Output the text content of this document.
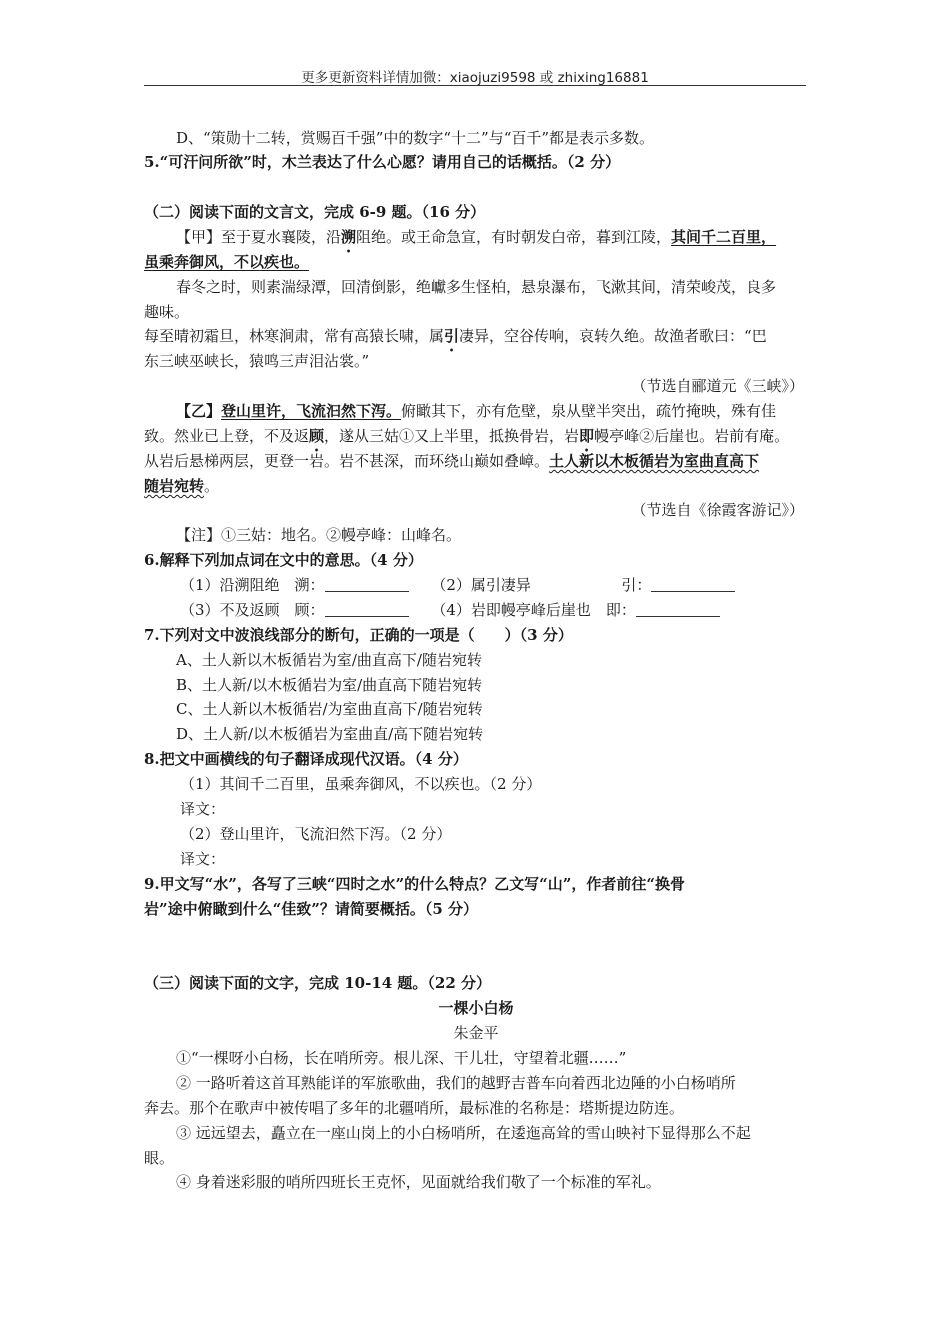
更多更新资料详情加微：xiaojuzi9598 或 zhixing16881
D、“策勋十二转，赏赐百千强”中的数字“十二”与“百千”都是表示多数。
5.“可汗问所欲”时，木兰表达了什么心愿？请用自己的话概括。（2 分）
（二）阅读下面的文言文，完成 6-9 题。（16 分）
【甲】至于夏水襄陵，沿溯阻绝。或王命急宣，有时朝发白帝，暮到江陵，其间千二百里，
虽乘奔御风，不以疾也。
春冬之时，则素湍绿潭，回清倒影，绝巘多生怪柏，悬泉瀑布，飞漱其间，清荣峻茂，良多
趣味。
每至晴初霜旦，林寒涧肃，常有高猿长啸，属引凄异，空谷传响，哀转久绝。故渔者歌曰：“巴
东三峡巫峡长，猿鸣三声泪沾裳。”
（节选自郦道元《三峡》）
【乙】登山里许，飞流汩然下泻。俯瞰其下，亦有危壁，泉从壁半突出，疏竹掩映，殊有佳
致。然业已上登，不及返顾，遂从三姑①又上半里，抵换骨岩，岩即幔亭峰②后崖也。岩前有庵。
从岩后悬梯两层，更登一岩。岩不甚深，而环绕山巅如叠嶂。土人新以木板循岩为室曲直高下
随岩宛转。
（节选自《徐霞客游记》）
【注】①三姑：地名。②幔亭峰：山峰名。
6.解释下列加点词在文中的意思。（4 分）
（1）沿溯阻绝　溯：	（2）属引凄异	引：
（3）不及返顾　顾：	（4）岩即幔亭峰后崖也　即：
7.下列对文中波浪线部分的断句，正确的一项是（　　）（3 分）
A、土人新以木板循岩为室/曲直高下/随岩宛转
B、土人新/以木板循岩为室/曲直高下随岩宛转
C、土人新以木板循岩/为室曲直高下/随岩宛转
D、土人新/以木板循岩为室曲直/高下随岩宛转
8.把文中画横线的句子翻译成现代汉语。（4 分）
（1）其间千二百里，虽乘奔御风，不以疾也。（2 分）
译文：
（2）登山里许，飞流汩然下泻。（2 分）
译文：
9.甲文写“水”，各写了三峡“四时之水”的什么特点？乙文写“山”，作者前往“换骨
岩”途中俯瞰到什么“佳致”？请简要概括。（5 分）
（三）阅读下面的文字，完成 10-14 题。（22 分）
一棵小白杨
朱金平
①“一棵呀小白杨，长在哨所旁。根儿深、干儿壮，守望着北疆……”
② 一路听着这首耳熟能详的军旅歌曲，我们的越野吉普车向着西北边陲的小白杨哨所
奔去。那个在歌声中被传唱了多年的北疆哨所，最标准的名称是：塔斯提边防连。
③ 远远望去，矗立在一座山岗上的小白杨哨所，在逶迤高耸的雪山映衬下显得那么不起
眼。
④ 身着迷彩服的哨所四班长王克怀，见面就给我们敬了一个标准的军礼。
